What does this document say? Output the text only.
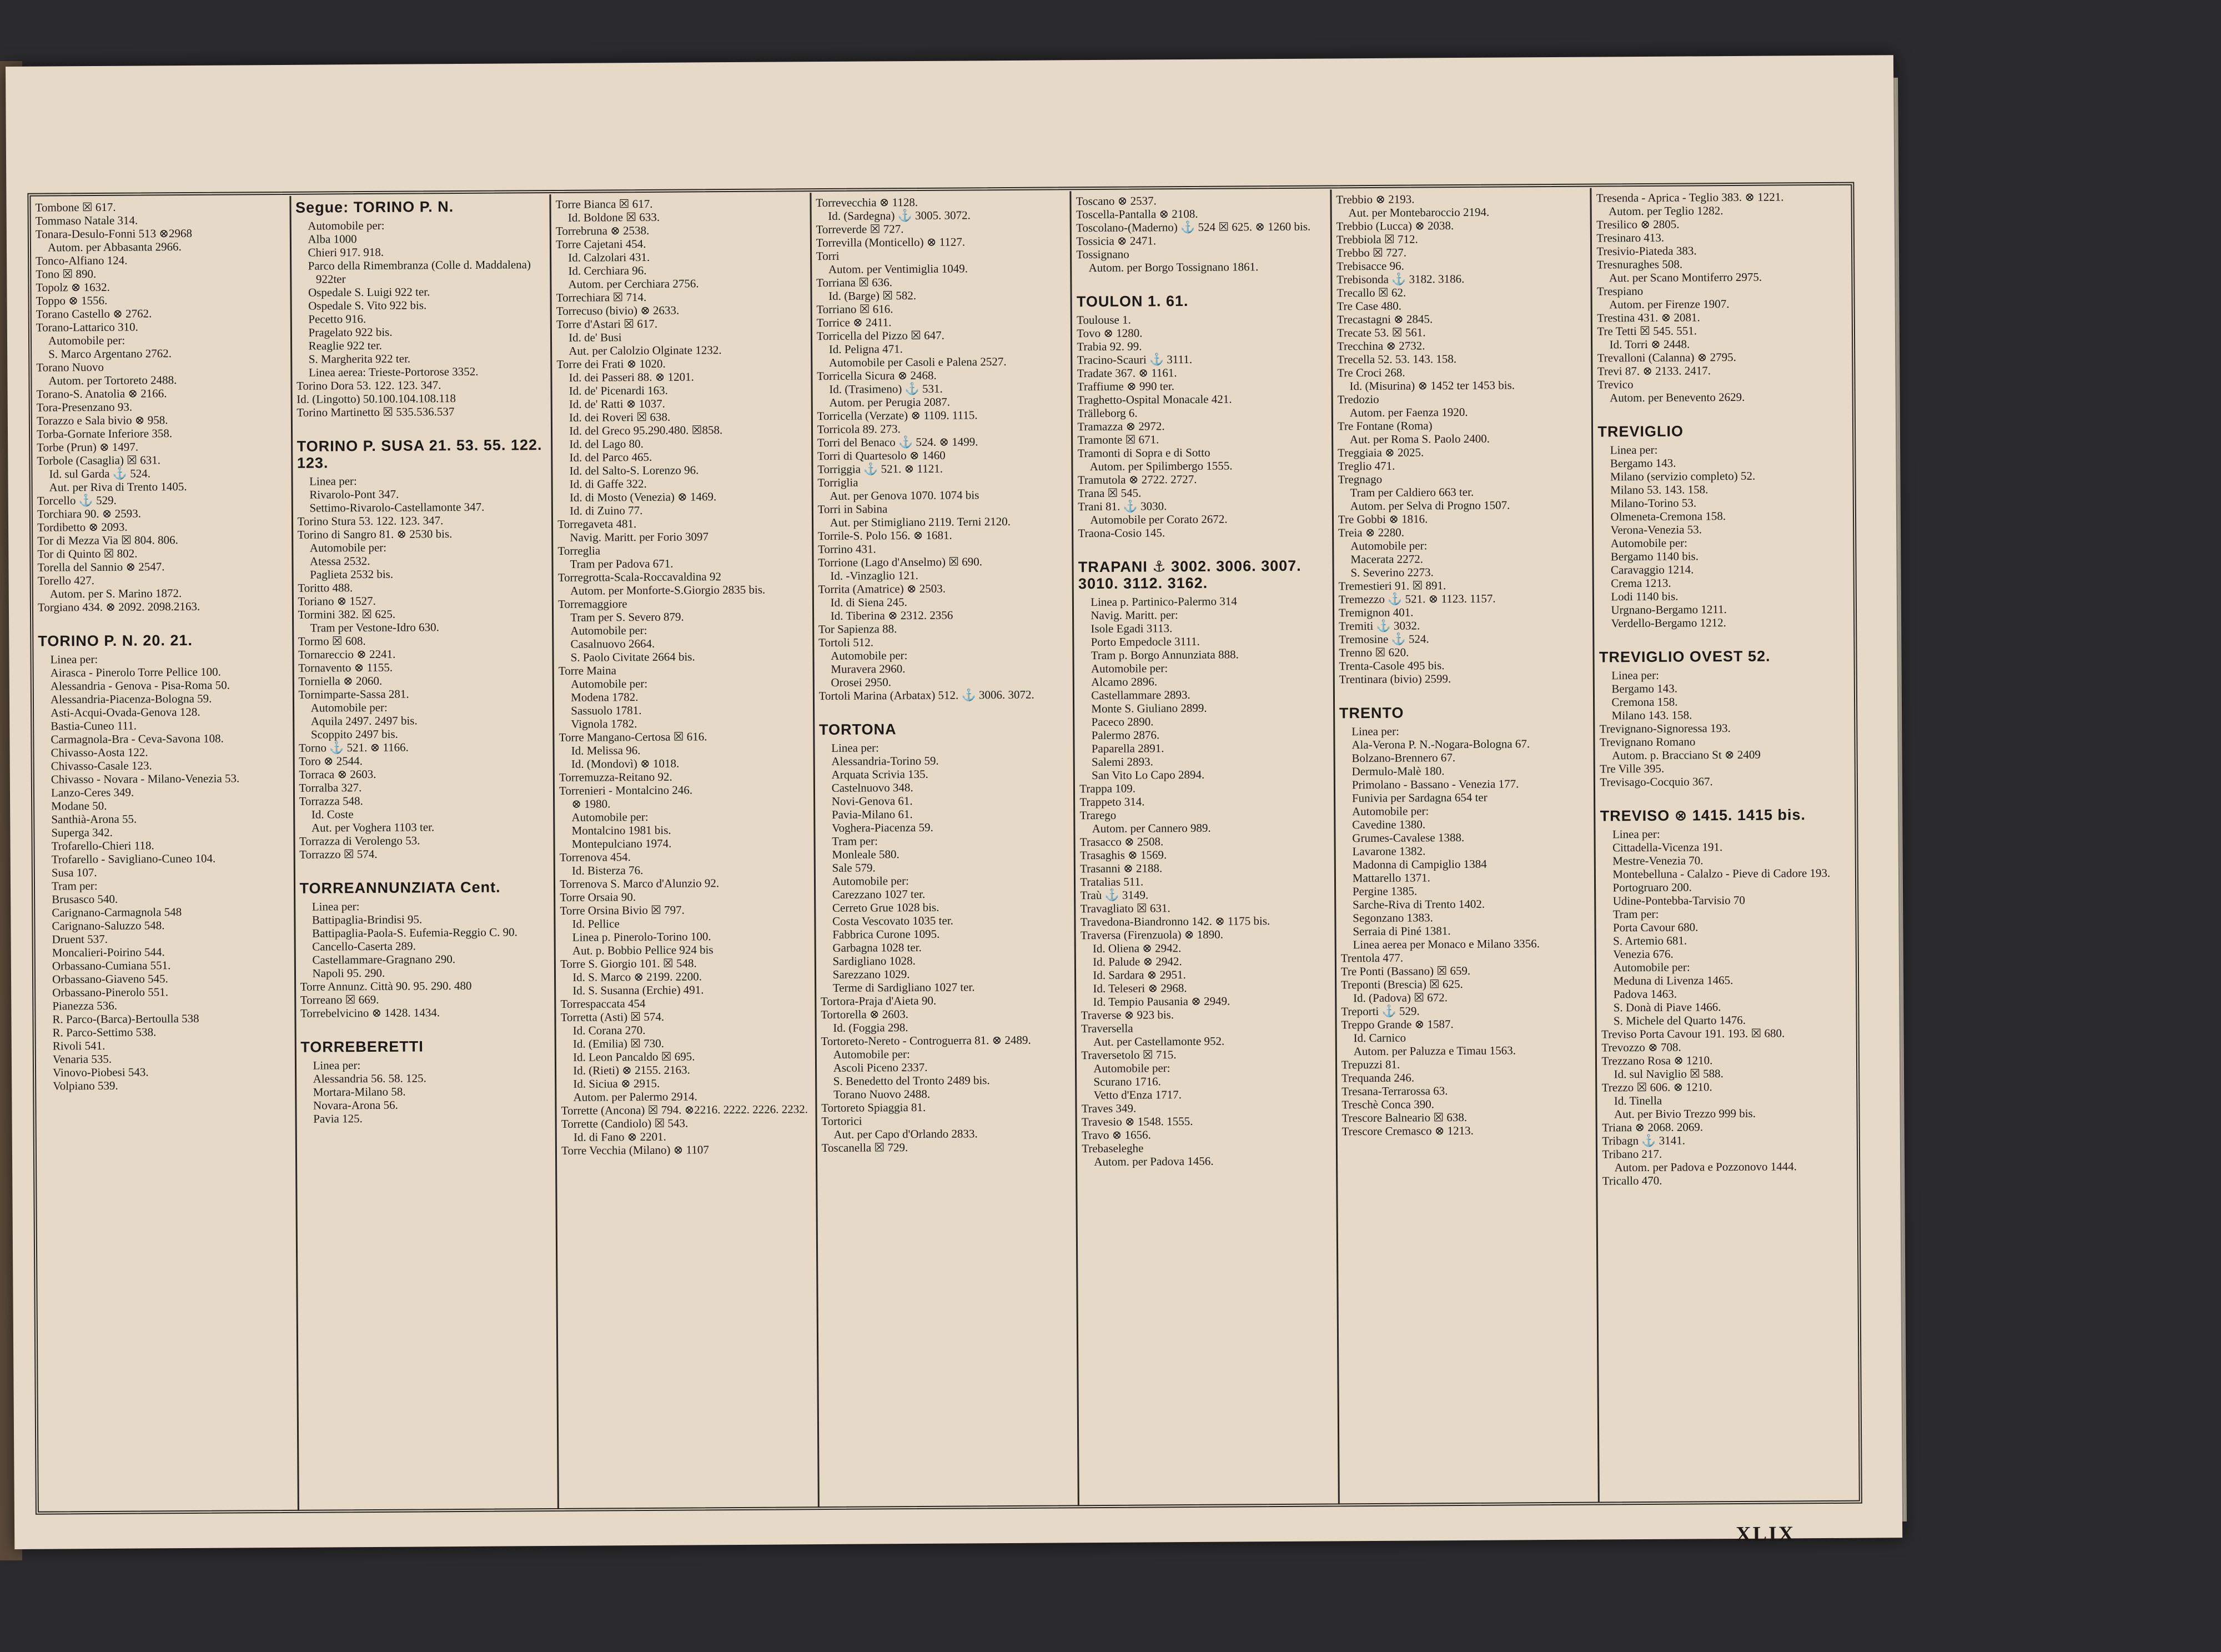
Tombone ☒ 617.

Tommaso Natale 314.

Tonara-Desulo-Fonni 513 ⊗2968

Autom. per Abbasanta 2966.

Tonco-Alfiano 124.

Tono ☒ 890.

Topolz ⊗ 1632.

Toppo ⊗ 1556.

Torano Castello ⊗ 2762.

Torano-Lattarico 310.

Automobile per:

S. Marco Argentano 2762.

Torano Nuovo

Autom. per Tortoreto 2488.

Torano-S. Anatolia ⊗ 2166.

Tora-Presenzano 93.

Torazzo e Sala bivio ⊗ 958.

Torba-Gornate Inferiore 358.

Torbe (Prun) ⊗ 1497.

Torbole (Casaglia) ☒ 631.

Id. sul Garda ⚓ 524.

Aut. per Riva di Trento 1405.

Torcello ⚓ 529.

Torchiara 90. ⊗ 2593.

Tordibetto ⊗ 2093.

Tor di Mezza Via ☒ 804. 806.

Tor di Quinto ☒ 802.

Torella del Sannio ⊗ 2547.

Torello 427.

Autom. per S. Marino 1872.

Torgiano 434. ⊗ 2092. 2098.2163.

TORINO P. N. 20. 21.

Linea per:

Airasca - Pinerolo Torre Pellice 100.

Alessandria - Genova - Pisa-Roma 50.

Alessandria-Piacenza-Bologna 59.

Asti-Acqui-Ovada-Genova 128.

Bastia-Cuneo 111.

Carmagnola-Bra - Ceva-Savona 108.

Chivasso-Aosta 122.

Chivasso-Casale 123.

Chivasso - Novara - Milano-Venezia 53.

Lanzo-Ceres 349.

Modane 50.

Santhià-Arona 55.

Superga 342.

Trofarello-Chieri 118.

Trofarello - Savigliano-Cuneo 104.

Susa 107.

Tram per:

Brusasco 540.

Carignano-Carmagnola 548

Carignano-Saluzzo 548.

Druent 537.

Moncalieri-Poirino 544.

Orbassano-Cumiana 551.

Orbassano-Giaveno 545.

Orbassano-Pinerolo 551.

Pianezza 536.

R. Parco-(Barca)-Bertoulla 538

R. Parco-Settimo 538.

Rivoli 541.

Venaria 535.

Vinovo-Piobesi 543.

Volpiano 539.

Segue: TORINO P. N.

Automobile per:

Alba 1000

Chieri 917. 918.

Parco della Rimembranza (Colle d. Maddalena) 922ter

Ospedale S. Luigi 922 ter.

Ospedale S. Vito 922 bis.

Pecetto 916.

Pragelato 922 bis.

Reaglie 922 ter.

S. Margherita 922 ter.

Linea aerea: Trieste-Portorose 3352.

Torino Dora 53. 122. 123. 347.

Id. (Lingotto) 50.100.104.108.118

Torino Martinetto ☒ 535.536.537

TORINO P. SUSA 21. 53. 55. 122. 123.

Linea per:

Rivarolo-Pont 347.

Settimo-Rivarolo-Castellamonte 347.

Torino Stura 53. 122. 123. 347.

Torino di Sangro 81. ⊗ 2530 bis.

Automobile per:

Atessa 2532.

Paglieta 2532 bis.

Toritto 488.

Toriano ⊗ 1527.

Tormini 382. ☒ 625.

Tram per Vestone-Idro 630.

Tormo ☒ 608.

Tornareccio ⊗ 2241.

Tornavento ⊗ 1155.

Torniella ⊗ 2060.

Tornimparte-Sassa 281.

Automobile per:

Aquila 2497. 2497 bis.

Scoppito 2497 bis.

Torno ⚓ 521. ⊗ 1166.

Toro ⊗ 2544.

Torraca ⊗ 2603.

Torralba 327.

Torrazza 548.

Id. Coste

Aut. per Voghera 1103 ter.

Torrazza di Verolengo 53.

Torrazzo ☒ 574.

TORREANNUNZIATA Cent.

Linea per:

Battipaglia-Brindisi 95.

Battipaglia-Paola-S. Eufemia-Reggio C. 90.

Cancello-Caserta 289.

Castellammare-Gragnano 290.

Napoli 95. 290.

Torre Annunz. Città 90. 95. 290. 480

Torreano ☒ 669.

Torrebelvicino ⊗ 1428. 1434.

TORREBERETTI

Linea per:

Alessandria 56. 58. 125.

Mortara-Milano 58.

Novara-Arona 56.

Pavia 125.

Torre Bianca ☒ 617.

Id. Boldone ☒ 633.

Torrebruna ⊗ 2538.

Torre Cajetani 454.

Id. Calzolari 431.

Id. Cerchiara 96.

Autom. per Cerchiara 2756.

Torrechiara ☒ 714.

Torrecuso (bivio) ⊗ 2633.

Torre d'Astari ☒ 617.

Id. de' Busi

Aut. per Calolzio Olginate 1232.

Torre dei Frati ⊗ 1020.

Id. dei Passeri 88. ⊗ 1201.

Id. de' Picenardi 163.

Id. de' Ratti ⊗ 1037.

Id. dei Roveri ☒ 638.

Id. del Greco 95.290.480. ☒858.

Id. del Lago 80.

Id. del Parco 465.

Id. del Salto-S. Lorenzo 96.

Id. di Gaffe 322.

Id. di Mosto (Venezia) ⊗ 1469.

Id. di Zuino 77.

Torregaveta 481.

Navig. Maritt. per Forio 3097

Torreglia

Tram per Padova 671.

Torregrotta-Scala-Roccavaldina 92

Autom. per Monforte-S.Giorgio 2835 bis.

Torremaggiore

Tram per S. Severo 879.

Automobile per:

Casalnuovo 2664.

S. Paolo Civitate 2664 bis.

Torre Maina

Automobile per:

Modena 1782.

Sassuolo 1781.

Vignola 1782.

Torre Mangano-Certosa ☒ 616.

Id. Melissa 96.

Id. (Mondovì) ⊗ 1018.

Torremuzza-Reitano 92.

Torrenieri - Montalcino 246.

⊗ 1980.

Automobile per:

Montalcino 1981 bis.

Montepulciano 1974.

Torrenova 454.

Id. Bisterza 76.

Torrenova S. Marco d'Alunzio 92.

Torre Orsaia 90.

Torre Orsina Bivio ☒ 797.

Id. Pellice

Linea p. Pinerolo-Torino 100.

Aut. p. Bobbio Pellice 924 bis

Torre S. Giorgio 101. ☒ 548.

Id. S. Marco ⊗ 2199. 2200.

Id. S. Susanna (Erchie) 491.

Torrespaccata 454

Torretta (Asti) ☒ 574.

Id. Corana 270.

Id. (Emilia) ☒ 730.

Id. Leon Pancaldo ☒ 695.

Id. (Rieti) ⊗ 2155. 2163.

Id. Siciua ⊗ 2915.

Autom. per Palermo 2914.

Torrette (Ancona) ☒ 794. ⊗2216. 2222. 2226. 2232.

Torrette (Candiolo) ☒ 543.

Id. di Fano ⊗ 2201.

Torre Vecchia (Milano) ⊗ 1107

Torrevecchia ⊗ 1128.

Id. (Sardegna) ⚓ 3005. 3072.

Torreverde ☒ 727.

Torrevilla (Monticello) ⊗ 1127.

Torri

Autom. per Ventimiglia 1049.

Torriana ☒ 636.

Id. (Barge) ☒ 582.

Torriano ☒ 616.

Torrice ⊗ 2411.

Torricella del Pizzo ☒ 647.

Id. Peligna 471.

Automobile per Casoli e Palena 2527.

Torricella Sicura ⊗ 2468.

Id. (Trasimeno) ⚓ 531.

Autom. per Perugia 2087.

Torricella (Verzate) ⊗ 1109. 1115.

Torricola 89. 273.

Torri del Benaco ⚓ 524. ⊗ 1499.

Torri di Quartesolo ⊗ 1460

Torriggia ⚓ 521. ⊗ 1121.

Torriglia

Aut. per Genova 1070. 1074 bis

Torri in Sabina

Aut. per Stimigliano 2119. Terni 2120.

Torrile-S. Polo 156. ⊗ 1681.

Torrino 431.

Torrione (Lago d'Anselmo) ☒ 690.

Id. -Vinzaglio 121.

Torrita (Amatrice) ⊗ 2503.

Id. di Siena 245.

Id. Tiberina ⊗ 2312. 2356

Tor Sapienza 88.

Tortoli 512.

Automobile per:

Muravera 2960.

Orosei 2950.

Tortoli Marina (Arbatax) 512. ⚓ 3006. 3072.

TORTONA

Linea per:

Alessandria-Torino 59.

Arquata Scrivia 135.

Castelnuovo 348.

Novi-Genova 61.

Pavia-Milano 61.

Voghera-Piacenza 59.

Tram per:

Monleale 580.

Sale 579.

Automobile per:

Carezzano 1027 ter.

Cerreto Grue 1028 bis.

Costa Vescovato 1035 ter.

Fabbrica Curone 1095.

Garbagna 1028 ter.

Sardigliano 1028.

Sarezzano 1029.

Terme di Sardigliano 1027 ter.

Tortora-Praja d'Aieta 90.

Tortorella ⊗ 2603.

Id. (Foggia 298.

Tortoreto-Nereto - Controguerra 81. ⊗ 2489.

Automobile per:

Ascoli Piceno 2337.

S. Benedetto del Tronto 2489 bis.

Torano Nuovo 2488.

Tortoreto Spiaggia 81.

Tortorici

Aut. per Capo d'Orlando 2833.

Toscanella ☒ 729.

Toscano ⊗ 2537.

Toscella-Pantalla ⊗ 2108.

Toscolano-(Maderno) ⚓ 524 ☒ 625. ⊗ 1260 bis.

Tossicia ⊗ 2471.

Tossignano

Autom. per Borgo Tossignano 1861.

TOULON 1. 61.

Toulouse 1.

Tovo ⊗ 1280.

Trabia 92. 99.

Tracino-Scauri ⚓ 3111.

Tradate 367. ⊗ 1161.

Traffiume ⊗ 990 ter.

Traghetto-Ospital Monacale 421.

Trälleborg 6.

Tramazza ⊗ 2972.

Tramonte ☒ 671.

Tramonti di Sopra e di Sotto

Autom. per Spilimbergo 1555.

Tramutola ⊗ 2722. 2727.

Trana ☒ 545.

Trani 81. ⚓ 3030.

Automobile per Corato 2672.

Traona-Cosio 145.

TRAPANI ⚓ 3002. 3006. 3007. 3010. 3112. 3162.

Linea p. Partinico-Palermo 314

Navig. Maritt. per:

Isole Egadi 3113.

Porto Empedocle 3111.

Tram p. Borgo Annunziata 888.

Automobile per:

Alcamo 2896.

Castellammare 2893.

Monte S. Giuliano 2899.

Paceco 2890.

Palermo 2876.

Paparella 2891.

Salemi 2893.

San Vito Lo Capo 2894.

Trappa 109.

Trappeto 314.

Trarego

Autom. per Cannero 989.

Trasacco ⊗ 2508.

Trasaghis ⊗ 1569.

Trasanni ⊗ 2188.

Tratalias 511.

Traù ⚓ 3149.

Travagliato ☒ 631.

Travedona-Biandronno 142. ⊗ 1175 bis.

Traversa (Firenzuola) ⊗ 1890.

Id. Oliena ⊗ 2942.

Id. Palude ⊗ 2942.

Id. Sardara ⊗ 2951.

Id. Teleseri ⊗ 2968.

Id. Tempio Pausania ⊗ 2949.

Traverse ⊗ 923 bis.

Traversella

Aut. per Castellamonte 952.

Traversetolo ☒ 715.

Automobile per:

Scurano 1716.

Vetto d'Enza 1717.

Traves 349.

Travesio ⊗ 1548. 1555.

Travo ⊗ 1656.

Trebaseleghe

Autom. per Padova 1456.

Trebbio ⊗ 2193.

Aut. per Montebaroccio 2194.

Trebbio (Lucca) ⊗ 2038.

Trebbiola ☒ 712.

Trebbo ☒ 727.

Trebisacce 96.

Trebisonda ⚓ 3182. 3186.

Trecallo ☒ 62.

Tre Case 480.

Trecastagni ⊗ 2845.

Trecate 53. ☒ 561.

Trecchina ⊗ 2732.

Trecella 52. 53. 143. 158.

Tre Croci 268.

Id. (Misurina) ⊗ 1452 ter 1453 bis.

Tredozio

Autom. per Faenza 1920.

Tre Fontane (Roma)

Aut. per Roma S. Paolo 2400.

Treggiaia ⊗ 2025.

Treglio 471.

Tregnago

Tram per Caldiero 663 ter.

Autom. per Selva di Progno 1507.

Tre Gobbi ⊗ 1816.

Treia ⊗ 2280.

Automobile per:

Macerata 2272.

S. Severino 2273.

Tremestieri 91. ☒ 891.

Tremezzo ⚓ 521. ⊗ 1123. 1157.

Tremignon 401.

Tremiti ⚓ 3032.

Tremosine ⚓ 524.

Trenno ☒ 620.

Trenta-Casole 495 bis.

Trentinara (bivio) 2599.

TRENTO

Linea per:

Ala-Verona P. N.-Nogara-Bologna 67.

Bolzano-Brennero 67.

Dermulo-Malè 180.

Primolano - Bassano - Venezia 177.

Funivia per Sardagna 654 ter

Automobile per:

Cavedine 1380.

Grumes-Cavalese 1388.

Lavarone 1382.

Madonna di Campiglio 1384

Mattarello 1371.

Pergine 1385.

Sarche-Riva di Trento 1402.

Segonzano 1383.

Serraia di Piné 1381.

Linea aerea per Monaco e Milano 3356.

Trentola 477.

Tre Ponti (Bassano) ☒ 659.

Treponti (Brescia) ☒ 625.

Id. (Padova) ☒ 672.

Treporti ⚓ 529.

Treppo Grande ⊗ 1587.

Id. Carnico

Autom. per Paluzza e Timau 1563.

Trepuzzi 81.

Trequanda 246.

Tresana-Terrarossa 63.

Treschè Conca 390.

Trescore Balneario ☒ 638.

Trescore Cremasco ⊗ 1213.

Tresenda - Aprica - Teglio 383. ⊗ 1221.

Autom. per Teglio 1282.

Tresilico ⊗ 2805.

Tresinaro 413.

Tresivio-Piateda 383.

Tresnuraghes 508.

Aut. per Scano Montiferro 2975.

Trespiano

Autom. per Firenze 1907.

Trestina 431. ⊗ 2081.

Tre Tetti ☒ 545. 551.

Id. Torri ⊗ 2448.

Trevalloni (Calanna) ⊗ 2795.

Trevi 87. ⊗ 2133. 2417.

Trevico

Autom. per Benevento 2629.

TREVIGLIO

Linea per:

Bergamo 143.

Milano (servizio completo) 52.

Milano 53. 143. 158.

Milano-Torino 53.

Olmeneta-Cremona 158.

Verona-Venezia 53.

Automobile per:

Bergamo 1140 bis.

Caravaggio 1214.

Crema 1213.

Lodi 1140 bis.

Urgnano-Bergamo 1211.

Verdello-Bergamo 1212.

TREVIGLIO OVEST 52.

Linea per:

Bergamo 143.

Cremona 158.

Milano 143. 158.

Trevignano-Signoressa 193.

Trevignano Romano

Autom. p. Bracciano St ⊗ 2409

Tre Ville 395.

Trevisago-Cocquio 367.

TREVISO ⊗ 1415. 1415 bis.

Linea per:

Cittadella-Vicenza 191.

Mestre-Venezia 70.

Montebelluna - Calalzo - Pieve di Cadore 193.

Portogruaro 200.

Udine-Pontebba-Tarvisio 70

Tram per:

Porta Cavour 680.

S. Artemio 681.

Venezia 676.

Automobile per:

Meduna di Livenza 1465.

Padova 1463.

S. Donà di Piave 1466.

S. Michele del Quarto 1476.

Treviso Porta Cavour 191. 193. ☒ 680.

Trevozzo ⊗ 708.

Trezzano Rosa ⊗ 1210.

Id. sul Naviglio ☒ 588.

Trezzo ☒ 606. ⊗ 1210.

Id. Tinella

Aut. per Bivio Trezzo 999 bis.

Triana ⊗ 2068. 2069.

Tribagn ⚓ 3141.

Tribano 217.

Autom. per Padova e Pozzonovo 1444.

Tricallo 470.

XLIX
